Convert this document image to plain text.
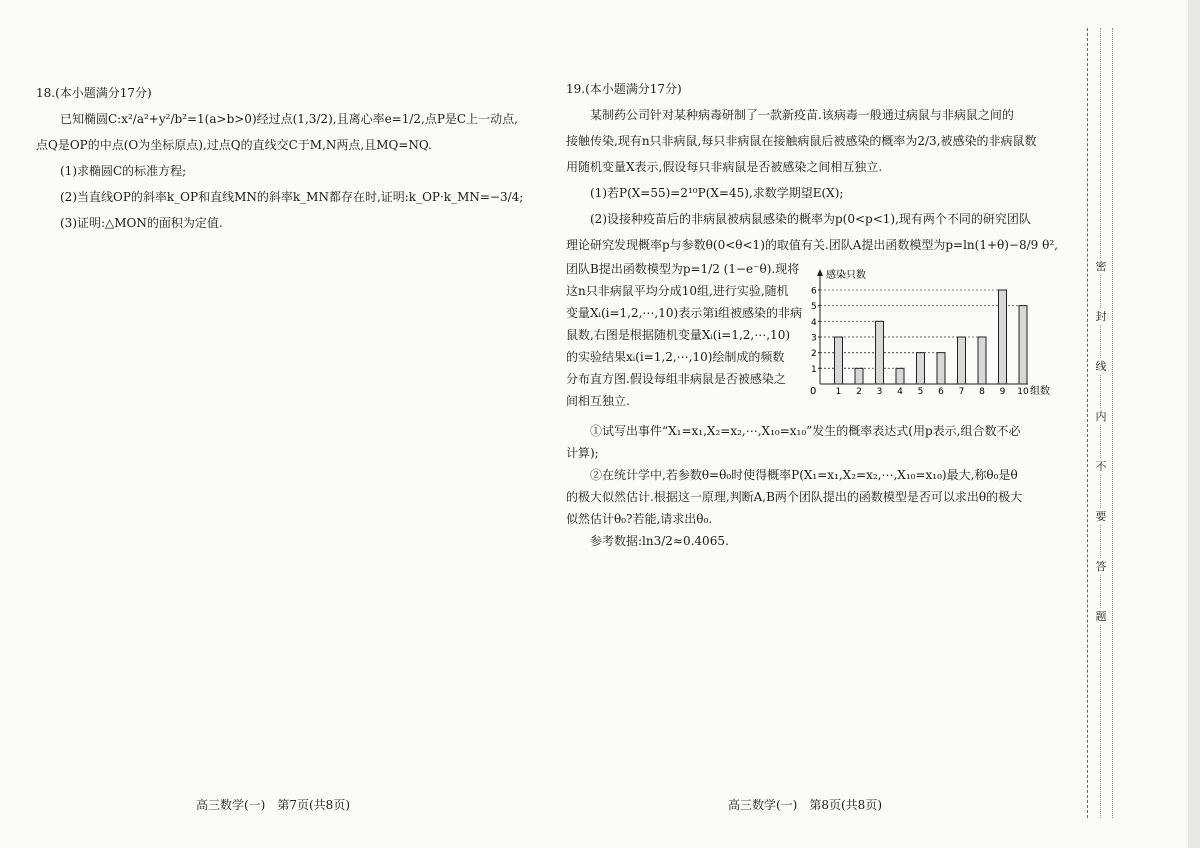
18.(本小题满分17分)

已知椭圆C:x²/a²+y²/b²=1(a>b>0)经过点(1,3/2),且离心率e=1/2,点P是C上一动点,

点Q是OP的中点(O为坐标原点),过点Q的直线交C于M,N两点,且MQ=NQ.

(1)求椭圆C的标准方程;

(2)当直线OP的斜率k_OP和直线MN的斜率k_MN都存在时,证明:k_OP·k_MN=−3/4;

(3)证明:△MON的面积为定值.

19.(本小题满分17分)

某制药公司针对某种病毒研制了一款新疫苗.该病毒一般通过病鼠与非病鼠之间的

接触传染,现有n只非病鼠,每只非病鼠在接触病鼠后被感染的概率为2/3,被感染的非病鼠数

用随机变量X表示,假设每只非病鼠是否被感染之间相互独立.

(1)若P(X=55)=2¹⁰P(X=45),求数学期望E(X);

(2)设接种疫苗后的非病鼠被病鼠感染的概率为p(0<p<1),现有两个不同的研究团队

理论研究发现概率p与参数θ(0<θ<1)的取值有关.团队A提出函数模型为p=ln(1+θ)−8/9 θ²,

团队B提出函数模型为p=1/2 (1−e⁻θ).现将

这n只非病鼠平均分成10组,进行实验,随机

变量Xᵢ(i=1,2,⋯,10)表示第i组被感染的非病

鼠数,右图是根据随机变量Xᵢ(i=1,2,⋯,10)

的实验结果xᵢ(i=1,2,⋯,10)绘制成的频数

分布直方图.假设每组非病鼠是否被感染之

间相互独立.

感染只数
组数
0
1
2
3
4
5
6
1 2 3 4 5 6 7 8 9 10

①试写出事件“X₁=x₁,X₂=x₂,⋯,X₁₀=x₁₀”发生的概率表达式(用p表示,组合数不必

计算);

②在统计学中,若参数θ=θ₀时使得概率P(X₁=x₁,X₂=x₂,⋯,X₁₀=x₁₀)最大,称θ₀是θ

的极大似然估计.根据这一原理,判断A,B两个团队提出的函数模型是否可以求出θ的极大

似然估计θ₀?若能,请求出θ₀.

参考数据:ln3/2≈0.4065.

高三数学(一)　第7页(共8页)	高三数学(一)　第8页(共8页)
密
封
线
内
不
要
答
题
